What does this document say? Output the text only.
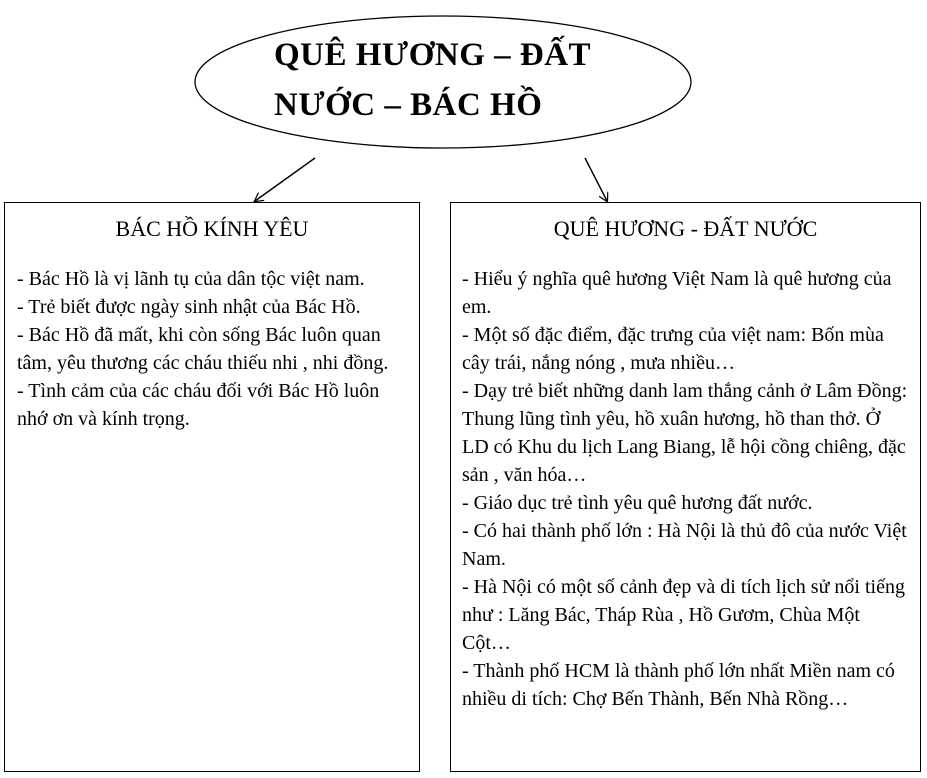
QUÊ HƯƠNG – ĐẤT
NƯỚC – BÁC HỒ
BÁC HỒ KÍNH YÊU
- Bác Hồ là vị lãnh tụ của dân tộc việt nam.
- Trẻ biết được ngày sinh nhật của Bác Hồ.
- Bác Hồ đã mất, khi còn sống Bác luôn quan tâm, yêu thương các cháu thiếu nhi , nhi đồng.
- Tình cảm của các cháu đối với Bác Hồ luôn nhớ ơn và kính trọng.
QUÊ HƯƠNG - ĐẤT NƯỚC
- Hiểu ý nghĩa quê hương Việt Nam là quê hương của em.
- Một số đặc điểm, đặc trưng của việt nam: Bốn mùa cây trái, nắng nóng , mưa nhiều…
- Dạy trẻ biết những danh lam thắng cảnh ở Lâm Đồng: Thung lũng tình yêu, hồ xuân hương, hồ than thở. Ở LD có Khu du lịch Lang Biang, lễ hội cồng chiêng, đặc sản , văn hóa…
- Giáo dục trẻ tình yêu quê hương đất nước.
- Có hai thành phố lớn : Hà Nội là thủ đô của nước Việt Nam.
- Hà Nội có một số cảnh đẹp và di tích lịch sử nổi tiếng như : Lăng Bác, Tháp Rùa , Hồ Gươm, Chùa Một Cột…
- Thành phố HCM là thành phố lớn nhất Miền nam có nhiều di tích: Chợ Bến Thành, Bến Nhà Rồng…
